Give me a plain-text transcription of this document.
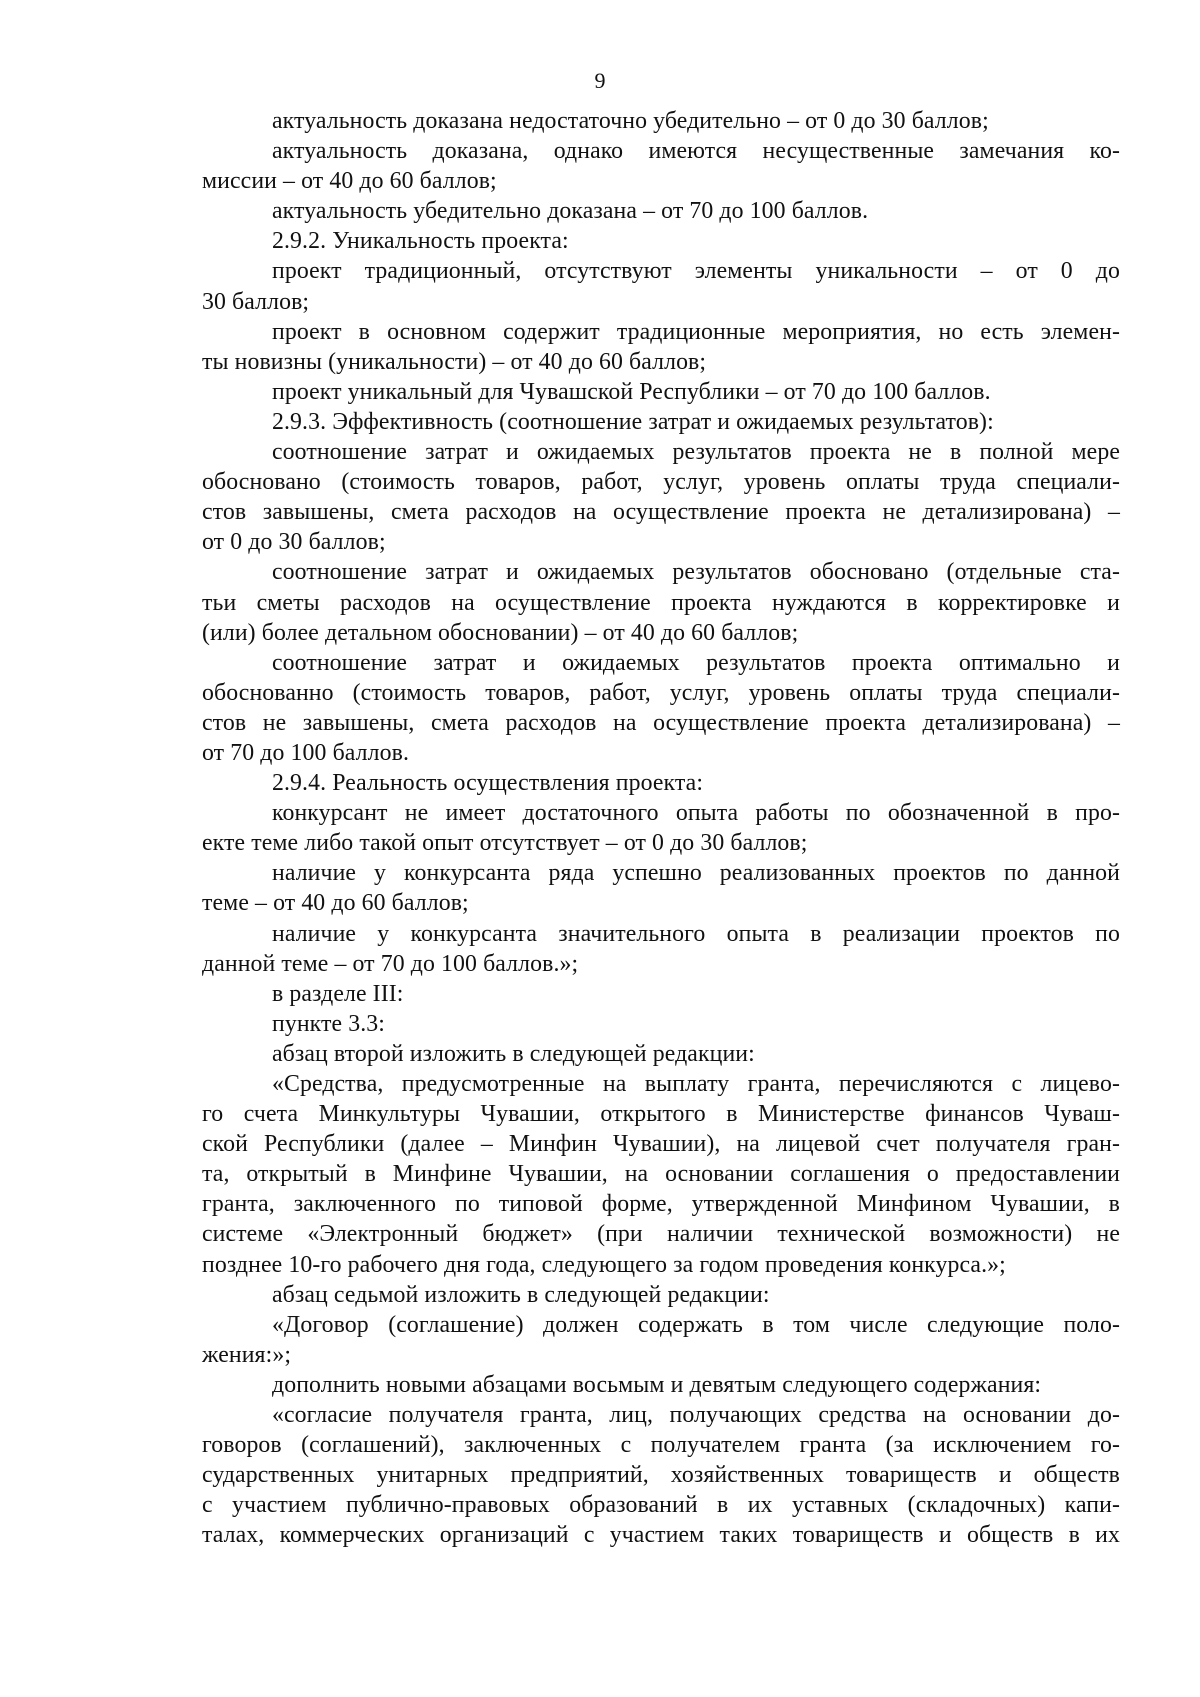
9

актуальность доказана недостаточно убедительно – от 0 до 30 баллов;

актуальность доказана, однако имеются несущественные замечания ко-
миссии – от 40 до 60 баллов;

актуальность убедительно доказана – от 70 до 100 баллов.

2.9.2. Уникальность проекта:

проект традиционный, отсутствуют элементы уникальности – от 0 до
30 баллов;

проект в основном содержит традиционные мероприятия, но есть элемен-
ты новизны (уникальности) – от 40 до 60 баллов;

проект уникальный для Чувашской Республики – от 70 до 100 баллов.

2.9.3. Эффективность (соотношение затрат и ожидаемых результатов):

соотношение затрат и ожидаемых результатов проекта не в полной мере
обосновано (стоимость товаров, работ, услуг, уровень оплаты труда специали-
стов завышены, смета расходов на осуществление проекта не детализирована) –
от 0 до 30 баллов;

соотношение затрат и ожидаемых результатов обосновано (отдельные ста-
тьи сметы расходов на осуществление проекта нуждаются в корректировке и
(или) более детальном обосновании) – от 40 до 60 баллов;

соотношение затрат и ожидаемых результатов проекта оптимально и
обоснованно (стоимость товаров, работ, услуг, уровень оплаты труда специали-
стов не завышены, смета расходов на осуществление проекта детализирована) –
от 70 до 100 баллов.

2.9.4. Реальность осуществления проекта:

конкурсант не имеет достаточного опыта работы по обозначенной в про-
екте теме либо такой опыт отсутствует – от 0 до 30 баллов;

наличие у конкурсанта ряда успешно реализованных проектов по данной
теме – от 40 до 60 баллов;

наличие у конкурсанта значительного опыта в реализации проектов по
данной теме – от 70 до 100 баллов.»;

в разделе III:

пункте 3.3:

абзац второй изложить в следующей редакции:

«Средства, предусмотренные на выплату гранта, перечисляются с лицево-
го счета Минкультуры Чувашии, открытого в Министерстве финансов Чуваш-
ской Республики (далее – Минфин Чувашии), на лицевой счет получателя гран-
та, открытый в Минфине Чувашии, на основании соглашения о предоставлении
гранта, заключенного по типовой форме, утвержденной Минфином Чувашии, в
системе «Электронный бюджет» (при наличии технической возможности) не
позднее 10-го рабочего дня года, следующего за годом проведения конкурса.»;

абзац седьмой изложить в следующей редакции:

«Договор (соглашение) должен содержать в том числе следующие поло-
жения:»;

дополнить новыми абзацами восьмым и девятым следующего содержания:

«согласие получателя гранта, лиц, получающих средства на основании до-
говоров (соглашений), заключенных с получателем гранта (за исключением го-
сударственных унитарных предприятий, хозяйственных товариществ и обществ
с участием публично-правовых образований в их уставных (складочных) капи-
талах, коммерческих организаций с участием таких товариществ и обществ в их
